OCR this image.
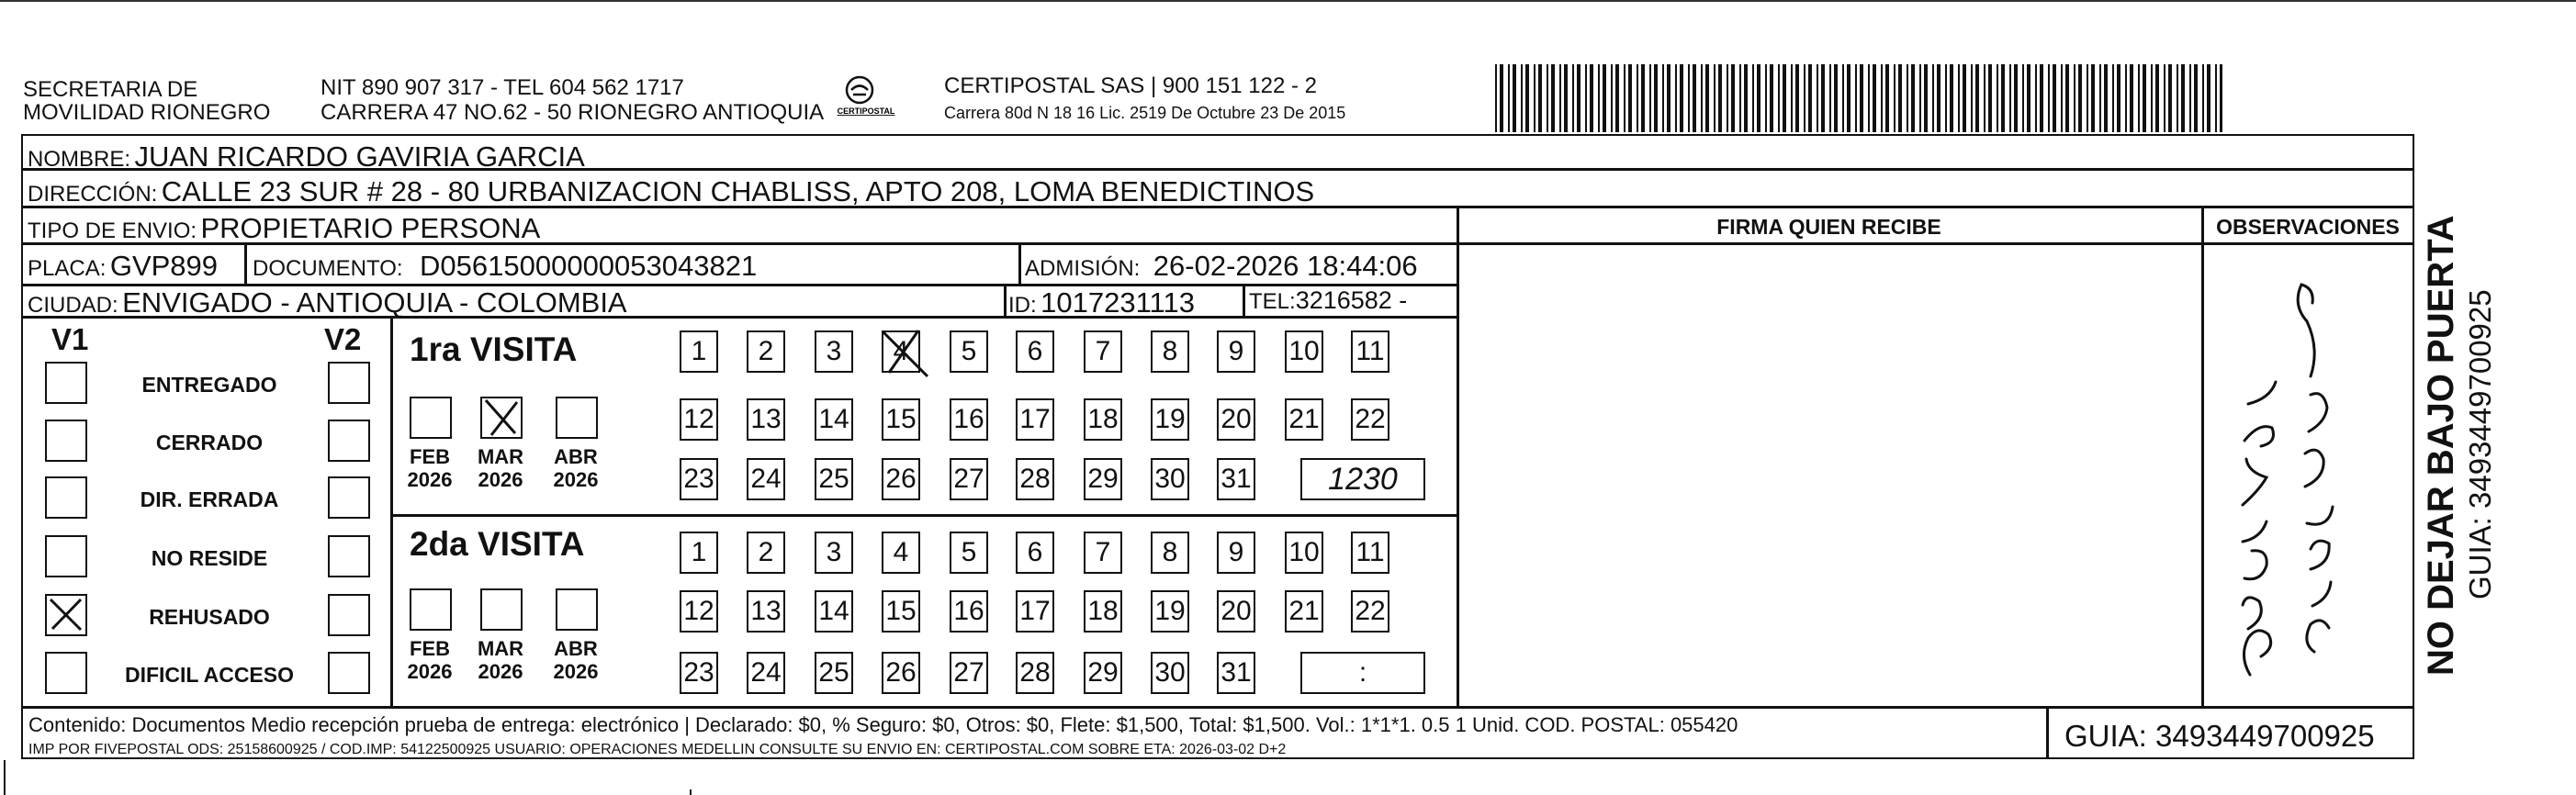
SECRETARIA DE
MOVILIDAD RIONEGRO
NIT 890 907 317 - TEL 604 562 1717
CARRERA 47 NO.62 - 50 RIONEGRO ANTIOQUIA CERTIPOSTAL
CERTIPOSTAL SAS | 900 151 122 - 2
Carrera 80d N 18 16 Lic. 2519 De Octubre 23 De 2015
NOMBRE: JUAN RICARDO GAVIRIA GARCIA
DIRECCIÓN: CALLE 23 SUR # 28 - 80 URBANIZACION CHABLISS, APTO 208, LOMA BENEDICTINOS
TIPO DE ENVIO: PROPIETARIO PERSONA
PLACA: GVP899 DOCUMENTO: D05615000000053043821	ADMISIÓN: 26-02-2026 18:44:06
CIUDAD: ENVIGADO - ANTIOQUIA - COLOMBIA	ID: 1017231113 TEL:3216582 -
FIRMA QUIEN RECIBE	OBSERVACIONES NO DEJAR BAJO PUERTA GUIA: 3493449700925
V1	V2
ENTREGADO
CERRADO
DIR. ERRADA
NO RESIDE
REHUSADO
DIFICIL ACCESO
1ra VISITA
2da VISITA
FEB
2026
MAR
2026
ABR
2026
FEB
2026
MAR
2026
ABR
2026
1 2 3 4 5 6 7 8 9 10 11
12 13 14 15 16 17 18 19 20 21 22
23 24 25 26 27 28 29 30 31 1230
1 2 3 4 5 6 7 8 9 10 11
12 13 14 15 16 17 18 19 20 21 22
23 24 25 26 27 28 29 30 31	:
Contenido: Documentos Medio recepción prueba de entrega: electrónico | Declarado: $0, % Seguro: $0, Otros: $0, Flete: $1,500, Total: $1,500. Vol.: 1*1*1. 0.5 1 Unid. COD. POSTAL: 055420
IMP POR FIVEPOSTAL ODS: 25158600925 / COD.IMP: 54122500925 USUARIO: OPERACIONES MEDELLIN CONSULTE SU ENVIO EN: CERTIPOSTAL.COM SOBRE ETA: 2026-03-02 D+2	GUIA: 3493449700925
